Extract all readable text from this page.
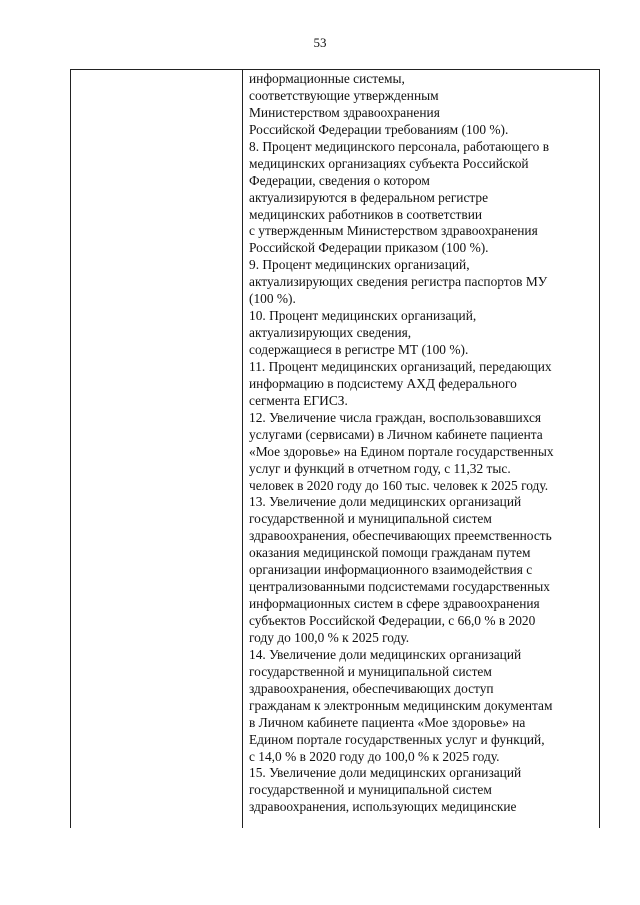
53
информационные системы,
соответствующие утвержденным
Министерством здравоохранения
Российской Федерации требованиям (100 %).
8. Процент медицинского персонала, работающего в
медицинских организациях субъекта Российской
Федерации, сведения о котором
актуализируются в федеральном регистре
медицинских работников в соответствии
с утвержденным Министерством здравоохранения
Российской Федерации приказом (100 %).
9. Процент медицинских организаций,
актуализирующих сведения регистра паспортов МУ
(100 %).
10. Процент медицинских организаций,
актуализирующих сведения,
содержащиеся в регистре МТ (100 %).
11. Процент медицинских организаций, передающих
информацию в подсистему АХД федерального
сегмента ЕГИСЗ.
12. Увеличение числа граждан, воспользовавшихся
услугами (сервисами) в Личном кабинете пациента
«Мое здоровье» на Едином портале государственных
услуг и функций в отчетном году, с 11,32 тыс.
человек в 2020 году до 160 тыс. человек к 2025 году.
13. Увеличение доли медицинских организаций
государственной и муниципальной систем
здравоохранения, обеспечивающих преемственность
оказания медицинской помощи гражданам путем
организации информационного взаимодействия с
централизованными подсистемами государственных
информационных систем в сфере здравоохранения
субъектов Российской Федерации, с 66,0 % в 2020
году до 100,0 % к 2025 году.
14. Увеличение доли медицинских организаций
государственной и муниципальной систем
здравоохранения, обеспечивающих доступ
гражданам к электронным медицинским документам
в Личном кабинете пациента «Мое здоровье» на
Едином портале государственных услуг и функций,
с 14,0 % в 2020 году до 100,0 % к 2025 году.
15. Увеличение доли медицинских организаций
государственной и муниципальной систем
здравоохранения, использующих медицинские
